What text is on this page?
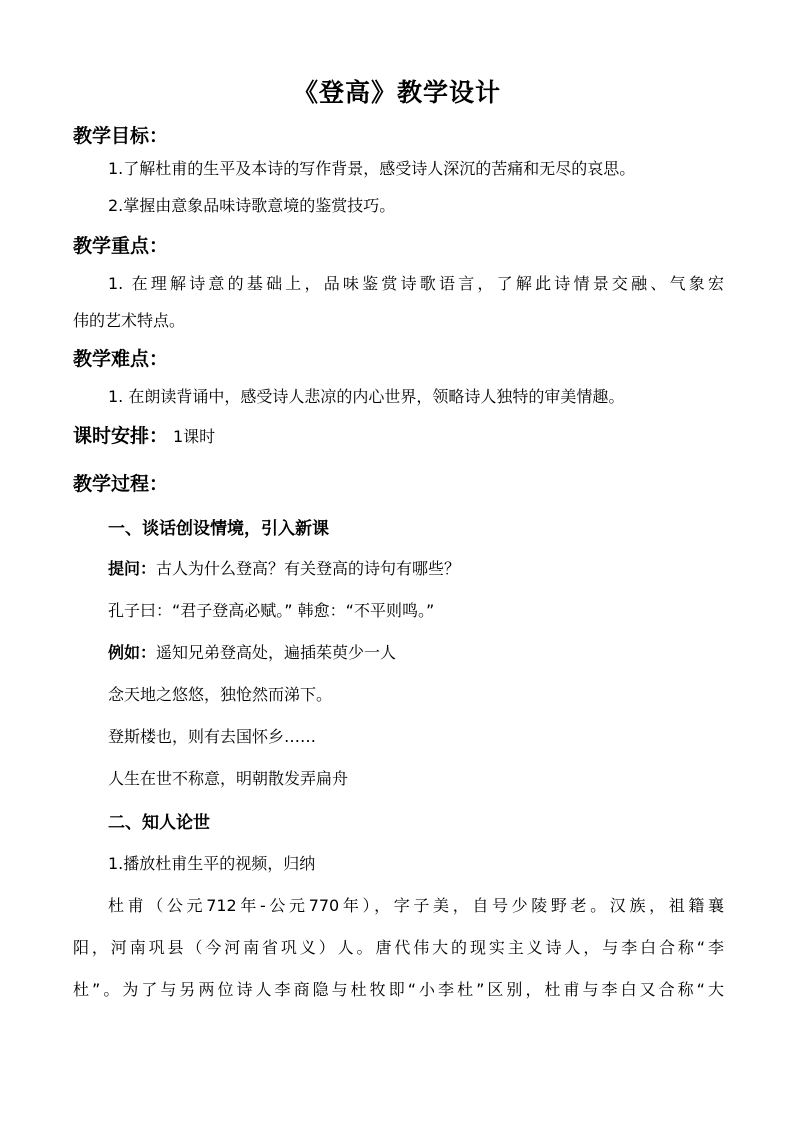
《登高》教学设计
教学目标：
1.了解杜甫的生平及本诗的写作背景，感受诗人深沉的苦痛和无尽的哀思。
2.掌握由意象品味诗歌意境的鉴赏技巧。
教学重点：
1. 在理解诗意的基础上，品味鉴赏诗歌语言，了解此诗情景交融、气象宏
伟的艺术特点。
教学难点：
1. 在朗读背诵中，感受诗人悲凉的内心世界，领略诗人独特的审美情趣。
课时安排： 1课时
教学过程：
一、谈话创设情境，引入新课
提问：古人为什么登高？有关登高的诗句有哪些？
孔子曰：“君子登高必赋。” 韩愈：“不平则鸣。”
例如：遥知兄弟登高处，遍插茱萸少一人
念天地之悠悠，独怆然而涕下。
登斯楼也，则有去国怀乡……
人生在世不称意，明朝散发弄扁舟
二、知人论世
1.播放杜甫生平的视频，归纳
杜甫（公元712年-公元770年），字子美，自号少陵野老。汉族，祖籍襄
阳，河南巩县（今河南省巩义）人。唐代伟大的现实主义诗人，与李白合称“李
杜”。为了与另两位诗人李商隐与杜牧即“小李杜”区别，杜甫与李白又合称“大
